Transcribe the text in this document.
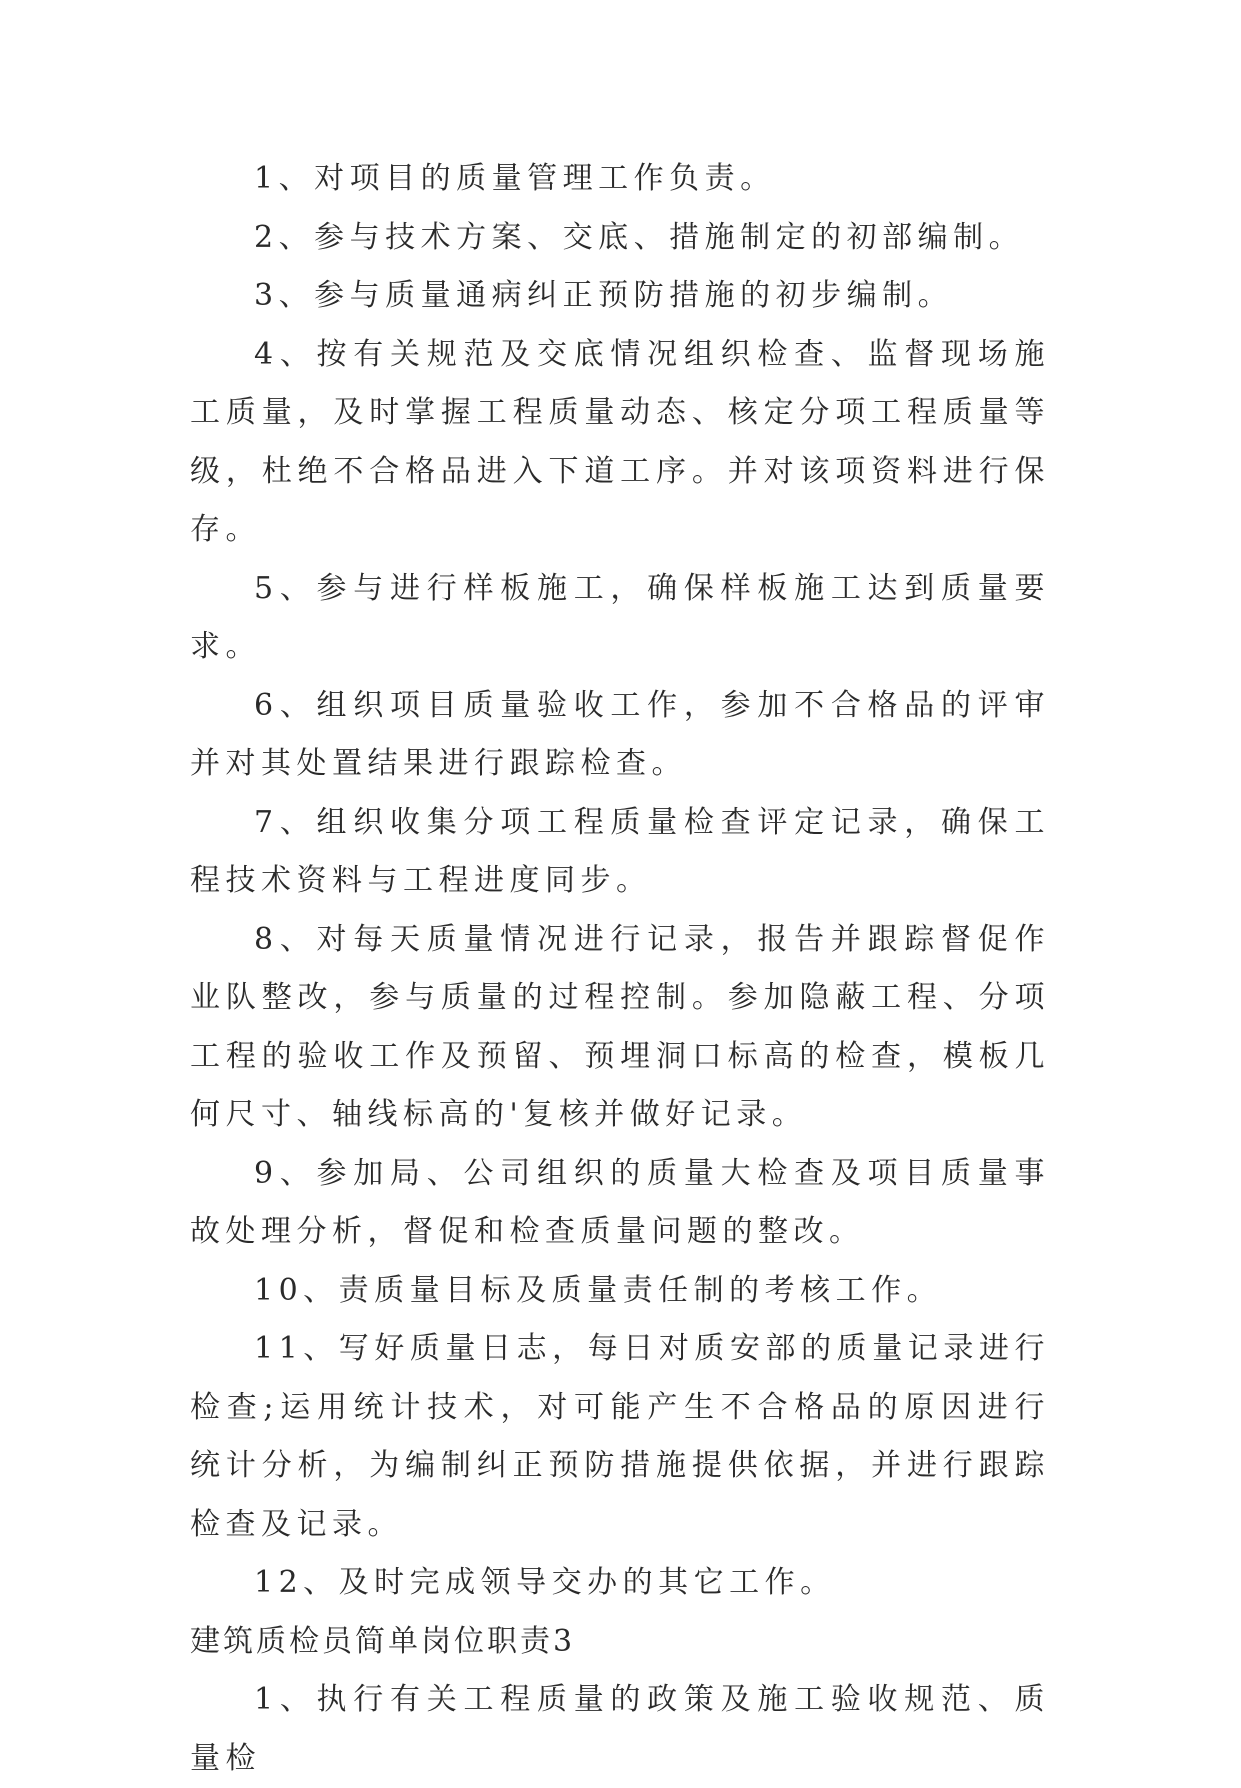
1、对项目的质量管理工作负责。

2、参与技术方案、交底、措施制定的初部编制。

3、参与质量通病纠正预防措施的初步编制。

4、按有关规范及交底情况组织检查、监督现场施工质量，及时掌握工程质量动态、核定分项工程质量等级，杜绝不合格品进入下道工序。并对该项资料进行保存。

5、参与进行样板施工，确保样板施工达到质量要求。

6、组织项目质量验收工作，参加不合格品的评审并对其处置结果进行跟踪检查。

7、组织收集分项工程质量检查评定记录，确保工程技术资料与工程进度同步。

8、对每天质量情况进行记录，报告并跟踪督促作业队整改，参与质量的过程控制。参加隐蔽工程、分项工程的验收工作及预留、预埋洞口标高的检查，模板几何尺寸、轴线标高的'复核并做好记录。

9、参加局、公司组织的质量大检查及项目质量事故处理分析，督促和检查质量问题的整改。

10、责质量目标及质量责任制的考核工作。

11、写好质量日志，每日对质安部的质量记录进行检查;运用统计技术，对可能产生不合格品的原因进行统计分析，为编制纠正预防措施提供依据，并进行跟踪检查及记录。

12、及时完成领导交办的其它工作。

建筑质检员简单岗位职责3

1、执行有关工程质量的政策及施工验收规范、质量检
